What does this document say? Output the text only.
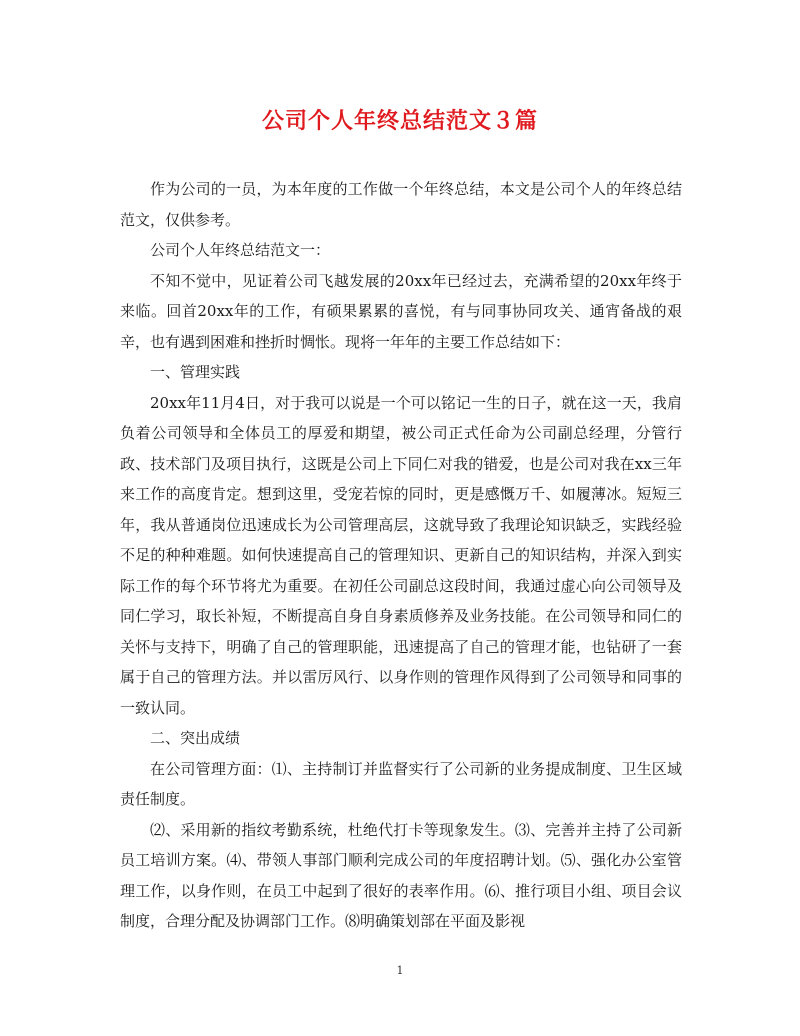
公司个人年终总结范文３篇

作为公司的一员，为本年度的工作做一个年终总结，本文是公司个人的年终总结范文，仅供参考。

公司个人年终总结范文一：

不知不觉中，见证着公司飞越发展的20xx年已经过去，充满希望的20xx年终于来临。回首20xx年的工作，有硕果累累的喜悦，有与同事协同攻关、通宵备战的艰辛，也有遇到困难和挫折时惆怅。现将一年年的主要工作总结如下：

一、管理实践

20xx年11月4日，对于我可以说是一个可以铭记一生的日子，就在这一天，我肩负着公司领导和全体员工的厚爱和期望，被公司正式任命为公司副总经理，分管行政、技术部门及项目执行，这既是公司上下同仁对我的错爱，也是公司对我在xx三年来工作的高度肯定。想到这里，受宠若惊的同时，更是感慨万千、如履薄冰。短短三年，我从普通岗位迅速成长为公司管理高层，这就导致了我理论知识缺乏，实践经验不足的种种难题。如何快速提高自己的管理知识、更新自己的知识结构，并深入到实际工作的每个环节将尤为重要。在初任公司副总这段时间，我通过虚心向公司领导及同仁学习，取长补短，不断提高自身自身素质修养及业务技能。在公司领导和同仁的关怀与支持下，明确了自己的管理职能，迅速提高了自己的管理才能，也钻研了一套属于自己的管理方法。并以雷厉风行、以身作则的管理作风得到了公司领导和同事的一致认同。

二、突出成绩

在公司管理方面：⑴、主持制订并监督实行了公司新的业务提成制度、卫生区域责任制度。

⑵、采用新的指纹考勤系统，杜绝代打卡等现象发生。⑶、完善并主持了公司新员工培训方案。⑷、带领人事部门顺利完成公司的年度招聘计划。⑸、强化办公室管理工作，以身作则，在员工中起到了很好的表率作用。⑹、推行项目小组、项目会议制度，合理分配及协调部门工作。⑻明确策划部在平面及影视

1
